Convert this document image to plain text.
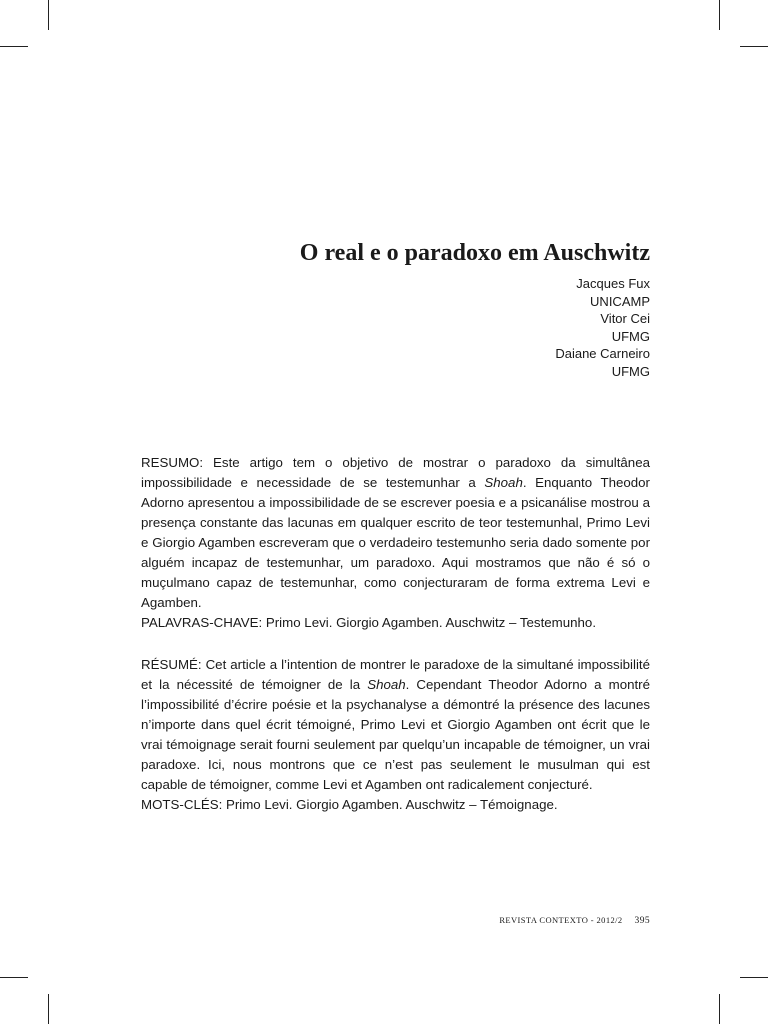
O real e o paradoxo em Auschwitz
Jacques Fux
UNICAMP
Vitor Cei
UFMG
Daiane Carneiro
UFMG

RESUMO: Este artigo tem o objetivo de mostrar o paradoxo da simultânea impossibilidade e necessidade de se testemunhar a Shoah. Enquanto Theodor Adorno apresentou a impossibilidade de se escrever poesia e a psicanálise mostrou a presença constante das lacunas em qualquer escrito de teor testemunhal, Primo Levi e Giorgio Agamben escreveram que o verdadeiro testemunho seria dado somente por alguém incapaz de testemunhar, um paradoxo. Aqui mostramos que não é só o muçulmano capaz de testemunhar, como conjecturaram de forma extrema Levi e Agamben.

PALAVRAS-CHAVE: Primo Levi. Giorgio Agamben. Auschwitz – Testemunho.

RÉSUMÉ: Cet article a l’intention de montrer le paradoxe de la simultané impossibilité et la nécessité de témoigner de la Shoah. Cependant Theodor Adorno a montré l’impossibilité d’écrire poésie et la psychanalyse a démontré la présence des lacunes n’importe dans quel écrit témoigné, Primo Levi et Giorgio Agamben ont écrit que le vrai témoignage serait fourni seulement par quelqu’un incapable de témoigner, un vrai paradoxe. Ici, nous montrons que ce n’est pas seulement le musulman qui est capable de témoigner, comme Levi et Agamben ont radicalement conjecturé.

MOTS-CLÉS: Primo Levi. Giorgio Agamben. Auschwitz – Témoignage.

REVISTA CONTEXTO - 2012/2 395
